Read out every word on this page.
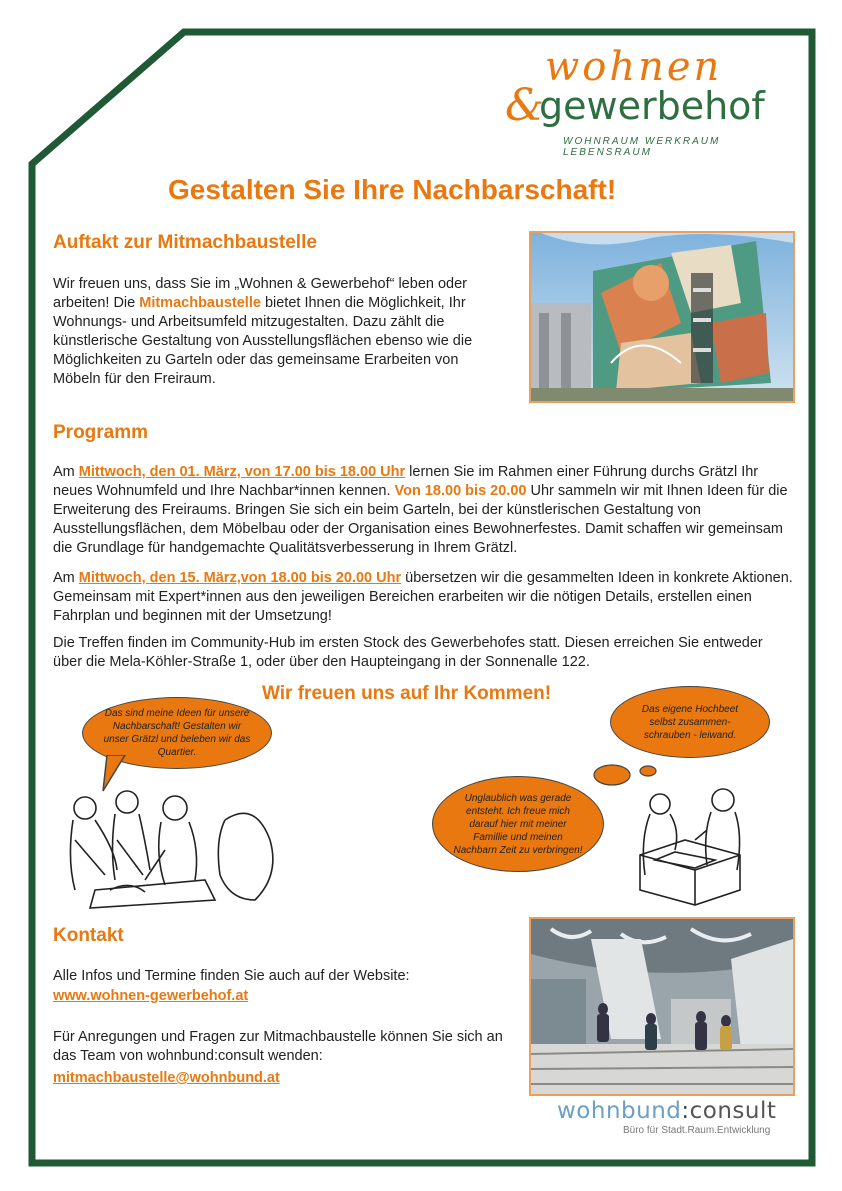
wohnen
&
gewerbehof
WOHNRAUM WERKRAUM LEBENSRAUM
Gestalten Sie Ihre Nachbarschaft!
Auftakt zur Mitmachbaustelle

Wir freuen uns, dass Sie im „Wohnen & Gewerbehof“ leben oder arbeiten! Die Mitmachbaustelle bietet Ihnen die Möglichkeit, Ihr Wohnungs- und Arbeitsumfeld mitzugestalten. Dazu zählt die künstlerische Gestaltung von Ausstellungsflächen ebenso wie die Möglichkeiten zu Garteln oder das gemeinsame Erarbeiten von Möbeln für den Freiraum.

Programm

Am Mittwoch, den 01. März, von 17.00 bis 18.00 Uhr lernen Sie im Rahmen einer Führung durchs Grätzl Ihr neues Wohnumfeld und Ihre Nachbar*innen kennen. Von 18.00 bis 20.00 Uhr sammeln wir mit Ihnen Ideen für die Erweiterung des Freiraums. Bringen Sie sich ein beim Garteln, bei der künstlerischen Gestaltung von Ausstellungsflächen, dem Möbelbau oder der Organisation eines Bewohnerfestes. Damit schaffen wir gemeinsam die Grundlage für handgemachte Qualitätsverbesserung in Ihrem Grätzl.

Am Mittwoch, den 15. März,von 18.00 bis 20.00 Uhr übersetzen wir die gesammelten Ideen in konkrete Aktionen. Gemeinsam mit Expert*innen aus den jeweiligen Bereichen erarbeiten wir die nötigen Details, erstellen einen Fahrplan und beginnen mit der Umsetzung!

Die Treffen finden im Community-Hub im ersten Stock des Gewerbehofes statt. Diesen erreichen Sie entweder über die Mela-Köhler-Straße 1, oder über den Haupteingang in der Sonnenalle 122.

Wir freuen uns auf Ihr Kommen!
Das sind meine Ideen für unsere Nachbarschaft! Gestalten wir unser Grätzl und beleben wir das Quartier.
Das eigene Hochbeet selbst zusammen-schrauben - leiwand.
Unglaublich was gerade entsteht. Ich freue mich darauf hier mit meiner Famillie und meinen Nachbarn Zeit zu verbringen!
Kontakt

Alle Infos und Termine finden Sie auch auf der Website:

www.wohnen-gewerbehof.at

Für Anregungen und Fragen zur Mitmachbaustelle können Sie sich an das Team von wohnbund:consult wenden:

mitmachbaustelle@wohnbund.at
wohnbund:consult
Büro für Stadt.Raum.Entwicklung
